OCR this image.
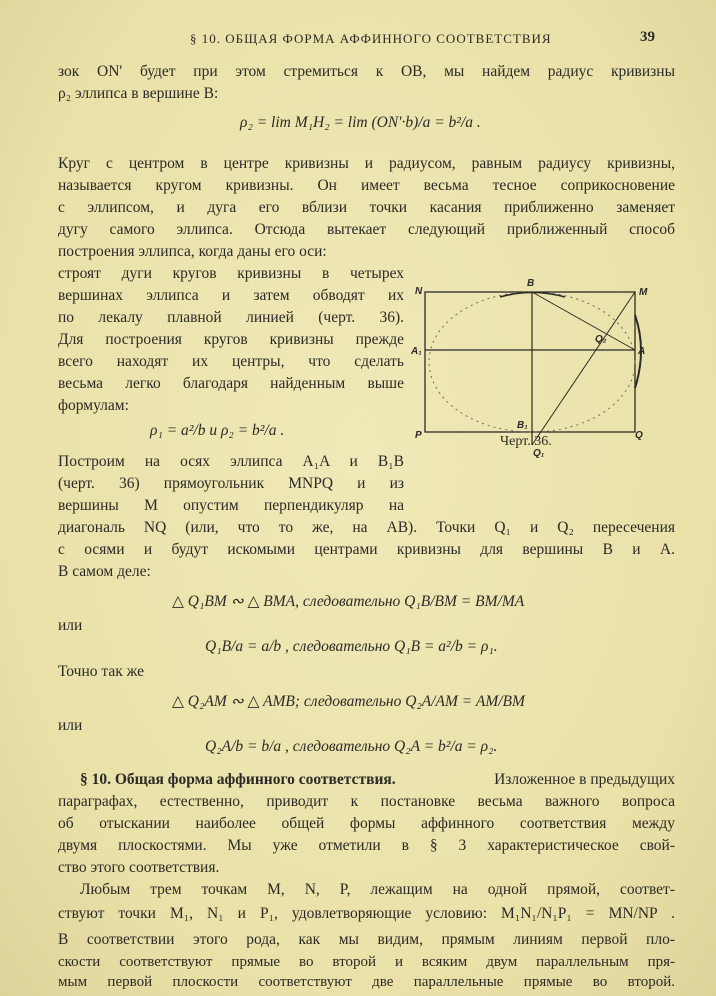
§ 10. ОБЩАЯ ФОРМА АФФИННОГО СООТВЕТСТВИЯ	39
зок ON' будет при этом стремиться к OB, мы найдем радиус кривизны
ρ₂ эллипса в вершине B:
ρ₂ = lim M₁H₂ = lim (ON'·b)/a = b²/a .
Круг с центром в центре кривизны и радиусом, равным радиусу кривизны,
называется кругом кривизны. Он имеет весьма тесное соприкосновение
с эллипсом, и дуга его вблизи точки касания приближенно заменяет
дугу самого эллипса. Отсюда вытекает следующий приближенный способ
построения эллипса, когда даны его оси:
строят дуги кругов кривизны в четырех
вершинах эллипса и затем обводят их
по лекалу плавной линией (черт. 36).
Для построения кругов кривизны прежде
всего находят их центры, что сделать
весьма легко благодаря найденным выше
формулам:
ρ₁ = a²/b и ρ₂ = b²/a .
Построим на осях эллипса A₁A и B₁B
(черт. 36) прямоугольник MNPQ и из
вершины M опустим перпендикуляр на
диагональ NQ (или, что то же, на AB). Точки Q₁ и Q₂ пересечения
с осями и будут искомыми центрами кривизны для вершины B и A.
В самом деле:
△ Q₁BM ∾ △ BMA, следовательно Q₁B/BM = BM/MA
или
Q₁B/a = a/b , следовательно Q₁B = a²/b = ρ₁.
Точно так же
△ Q₂AM ∾ △ AMB; следовательно Q₂A/AM = AM/BM
или
Q₂A/b = b/a , следовательно Q₂A = b²/a = ρ₂.
§ 10. Общая форма аффинного соответствия.	Изложенное в предыдущих
параграфах, естественно, приводит к постановке весьма важного вопроса
об отыскании наиболее общей формы аффинного соответствия между
двумя плоскостями. Мы уже отметили в § 3 характеристическое свой-
ство этого соответствия.
Любым трем точкам M, N, P, лежащим на одной прямой, соответ-
ствуют точки M₁, N₁ и P₁, удовлетворяющие условию: M₁N₁/N₁P₁ = MN/NP .
В соответствии этого рода, как мы видим, прямым линиям первой пло-
скости соответствуют прямые во второй и всяким двум параллельным пря-
мым первой плоскости соответствуют две параллельные прямые во второй.
N
B
M
A₁	A
Q₂
B₁
P	Q
Q₁
Черт. 36.
